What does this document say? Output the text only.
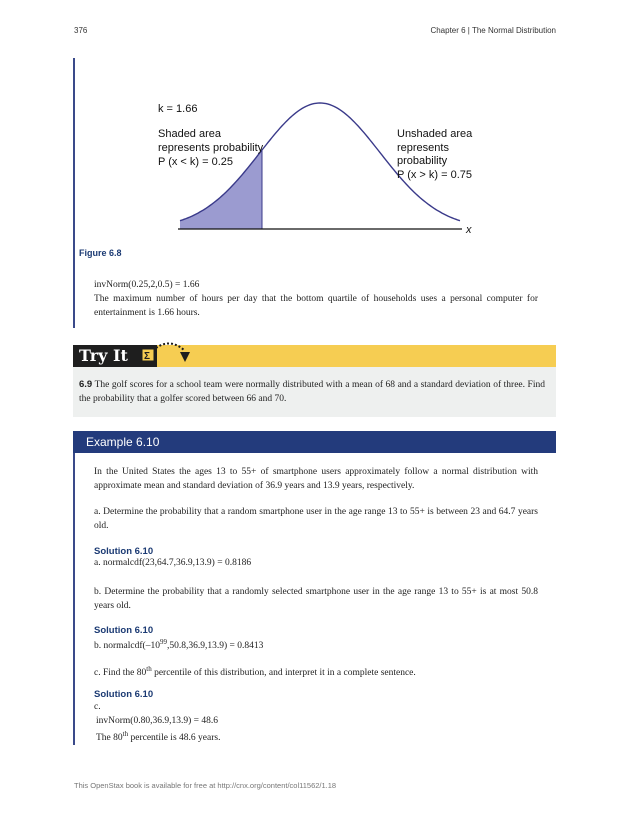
376	Chapter 6 | The Normal Distribution
x
k = 1.66
Shaded area
represents probability
P (x < k) = 0.25
Unshaded area
represents
probability
P (x > k) = 0.75
Figure 6.8
invNorm(0.25,2,0.5) = 1.66
The maximum number of hours per day that the bottom quartile of households uses a personal computer for entertainment is 1.66 hours.
Try It Σ
6.9 The golf scores for a school team were normally distributed with a mean of 68 and a standard deviation of three. Find the probability that a golfer scored between 66 and 70.
Example 6.10
In the United States the ages 13 to 55+ of smartphone users approximately follow a normal distribution with approximate mean and standard deviation of 36.9 years and 13.9 years, respectively.
a. Determine the probability that a random smartphone user in the age range 13 to 55+ is between 23 and 64.7 years old.
Solution 6.10
a. normalcdf(23,64.7,36.9,13.9) = 0.8186
b. Determine the probability that a randomly selected smartphone user in the age range 13 to 55+ is at most 50.8 years old.
Solution 6.10
b. $normalcdf(-10^{99},50.8,36.9,13.9) = 0.8413$
c. Find the 80th percentile of this distribution, and interpret it in a complete sentence.
Solution 6.10
c.
invNorm(0.80,36.9,13.9) = 48.6
The 80th percentile is 48.6 years.
This OpenStax book is available for free at http://cnx.org/content/col11562/1.18
